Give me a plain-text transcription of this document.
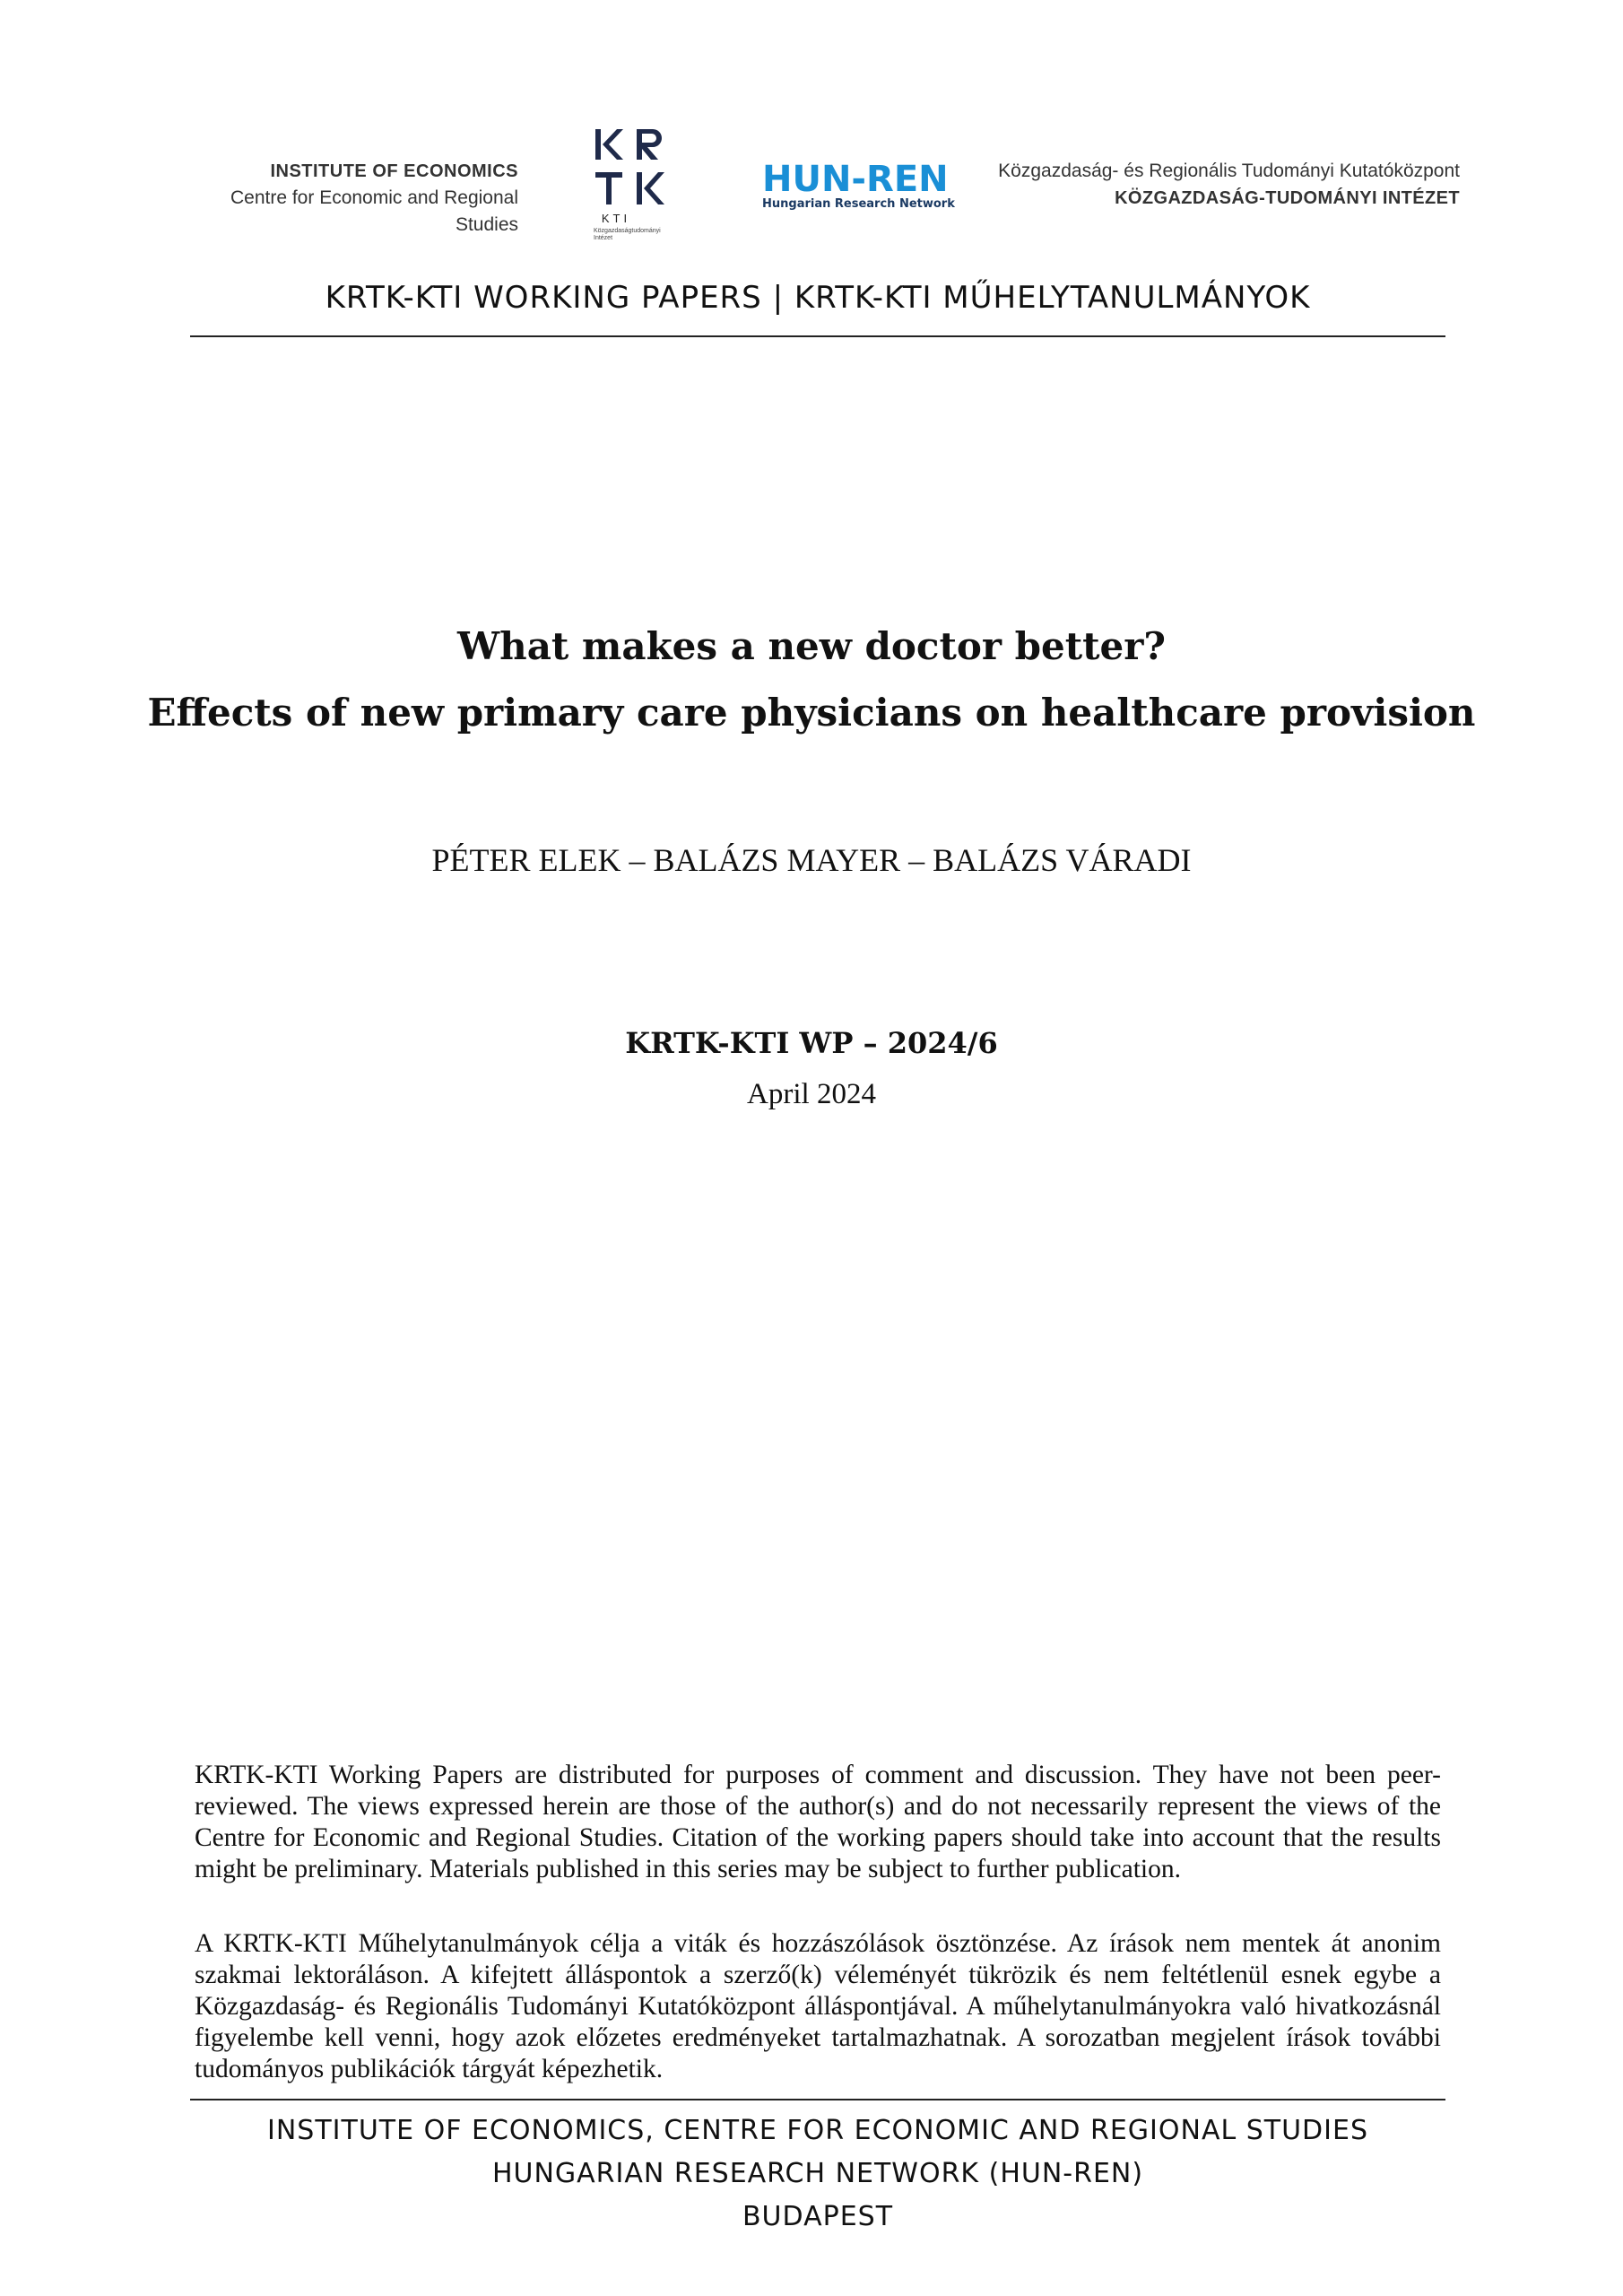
INSTITUTE OF ECONOMICS
Centre for Economic and Regional Studies	KTI
Közgazdaságtudományi
Intézet
HUN-REN
Hungarian Research Network
Közgazdaság- és Regionális Tudományi Kutatóközpont
KÖZGAZDASÁG-TUDOMÁNYI INTÉZET
KRTK-KTI WORKING PAPERS | KRTK-KTI MŰHELYTANULMÁNYOK
What makes a new doctor better?
Effects of new primary care physicians on healthcare provision
PÉTER ELEK – BALÁZS MAYER – BALÁZS VÁRADI
KRTK-KTI WP – 2024/6
April 2024
KRTK-KTI Working Papers are distributed for purposes of comment and discussion. They have not been peer-reviewed. The views expressed herein are those of the author(s) and do not necessarily represent the views of the Centre for Economic and Regional Studies. Citation of the working papers should take into account that the results might be preliminary. Materials published in this series may be subject to further publication.
A KRTK-KTI Műhelytanulmányok célja a viták és hozzászólások ösztönzése. Az írások nem mentek át anonim szakmai lektoráláson. A kifejtett álláspontok a szerző(k) véleményét tükrözik és nem feltétlenül esnek egybe a Közgazdaság- és Regionális Tudományi Kutatóközpont álláspontjával. A műhelytanulmányokra való hivatkozásnál figyelembe kell venni, hogy azok előzetes eredményeket tartalmazhatnak. A sorozatban megjelent írások további tudományos publikációk tárgyát képezhetik.
INSTITUTE OF ECONOMICS, CENTRE FOR ECONOMIC AND REGIONAL STUDIES
HUNGARIAN RESEARCH NETWORK (HUN-REN)
BUDAPEST
